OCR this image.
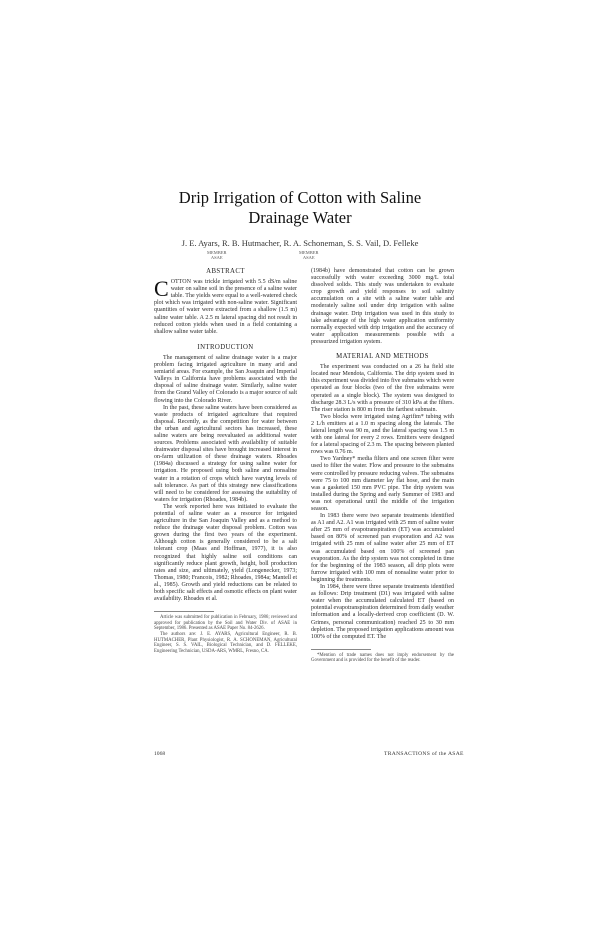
Drip Irrigation of Cotton with Saline
Drainage Water
J. E. Ayars, R. B. Hutmacher, R. A. Schoneman, S. S. Vail, D. Felleke
MEMBER
ASAE
MEMBER
ASAE
ABSTRACT

COTTON was trickle irrigated with 5.5 dS/m saline water on saline soil in the presence of a saline water table. The yields were equal to a well-watered check plot which was irrigated with non-saline water. Significant quantities of water were extracted from a shallow (1.5 m) saline water table. A 2.5 m lateral spacing did not result in reduced cotton yields when used in a field containing a shallow saline water table.

INTRODUCTION

The management of saline drainage water is a major problem facing irrigated agriculture in many arid and semiarid areas. For example, the San Joaquin and Imperial Valleys in California have problems associated with the disposal of saline drainage water. Similarly, saline water from the Grand Valley of Colorado is a major source of salt flowing into the Colorado River.

In the past, these saline waters have been considered as waste products of irrigated agriculture that required disposal. Recently, as the competition for water between the urban and agricultural sectors has increased, these saline waters are being reevaluated as additional water sources. Problems associated with availability of suitable drainwater disposal sites have brought increased interest in on-farm utilization of these drainage waters. Rhoades (1984a) discussed a strategy for using saline water for irrigation. He proposed using both saline and nonsaline water in a rotation of crops which have varying levels of salt tolerance. As part of this strategy new classifications will need to be considered for assessing the suitability of waters for irrigation (Rhoades, 1984b).

The work reported here was initiated to evaluate the potential of saline water as a resource for irrigated agriculture in the San Joaquin Valley and as a method to reduce the drainage water disposal problem. Cotton was grown during the first two years of the experiment. Although cotton is generally considered to be a salt tolerant crop (Maas and Hoffman, 1977), it is also recognized that highly saline soil conditions can significantly reduce plant growth, height, boll production rates and size, and ultimately, yield (Longenecker, 1973; Thomas, 1980; Francois, 1982; Rhoades, 1984a; Mantell et al., 1985). Growth and yield reductions can be related to both specific salt effects and osmotic effects on plant water availability. Rhoades et al.

Article was submitted for publication in February, 1986; reviewed and approved for publication by the Soil and Water Div. of ASAE in September, 1986. Presented as ASAE Paper No. 84-2626.
The authors are: J. E. AYARS, Agricultural Engineer, R. B. HUTMACHER, Plant Physiologist, R. A. SCHONEMAN, Agricultural Engineer, S. S. VAIL, Biological Technician, and D. FELLEKE, Engineering Technician, USDA-ARS, WMRL, Fresno, CA.

(1984b) have demonstrated that cotton can be grown successfully with water exceeding 3000 mg/L total dissolved solids. This study was undertaken to evaluate crop growth and yield responses to soil salinity accumulation on a site with a saline water table and moderately saline soil under drip irrigation with saline drainage water. Drip irrigation was used in this study to take advantage of the high water application uniformity normally expected with drip irrigation and the accuracy of water application measurements possible with a pressurized irrigation system.

MATERIAL AND METHODS

The experiment was conducted on a 26 ha field site located near Mendota, California. The drip system used in this experiment was divided into five submains which were operated as four blocks (two of the five submains were operated as a single block). The system was designed to discharge 28.3 L/s with a pressure of 310 kPa at the filters. The riser station is 800 m from the farthest submain.

Two blocks were irrigated using Agrifim* tubing with 2 L/h emitters at a 1.0 m spacing along the laterals. The lateral length was 90 m, and the lateral spacing was 1.5 m with one lateral for every 2 rows. Emitters were designed for a lateral spacing of 2.3 m. The spacing between planted rows was 0.76 m.

Two Yardney* media filters and one screen filter were used to filter the water. Flow and pressure to the submains were controlled by pressure reducing valves. The submains were 75 to 100 mm diameter lay flat hose, and the main was a gasketed 150 mm PVC pipe. The drip system was installed during the Spring and early Summer of 1983 and was not operational until the middle of the irrigation season.

In 1983 there were two separate treatments identified as A1 and A2. A1 was irrigated with 25 mm of saline water after 25 mm of evapotranspiration (ET) was accumulated based on 80% of screened pan evaporation and A2 was irrigated with 25 mm of saline water after 25 mm of ET was accumulated based on 100% of screened pan evaporation. As the drip system was not completed in time for the beginning of the 1983 season, all drip plots were furrow irrigated with 100 mm of nonsaline water prior to beginning the treatments.

In 1984, there were three separate treatments identified as follows: Drip treatment (D1) was irrigated with saline water when the accumulated calculated ET (based on potential evapotranspiration determined from daily weather information and a locally-derived crop coefficient (D. W. Grimes, personal communication) reached 25 to 30 mm depletion. The proposed irrigation applications amount was 100% of the computed ET. The

*Mention of trade names does not imply endorsement by the Government and is provided for the benefit of the reader.
1068	TRANSACTIONS of the ASAE
